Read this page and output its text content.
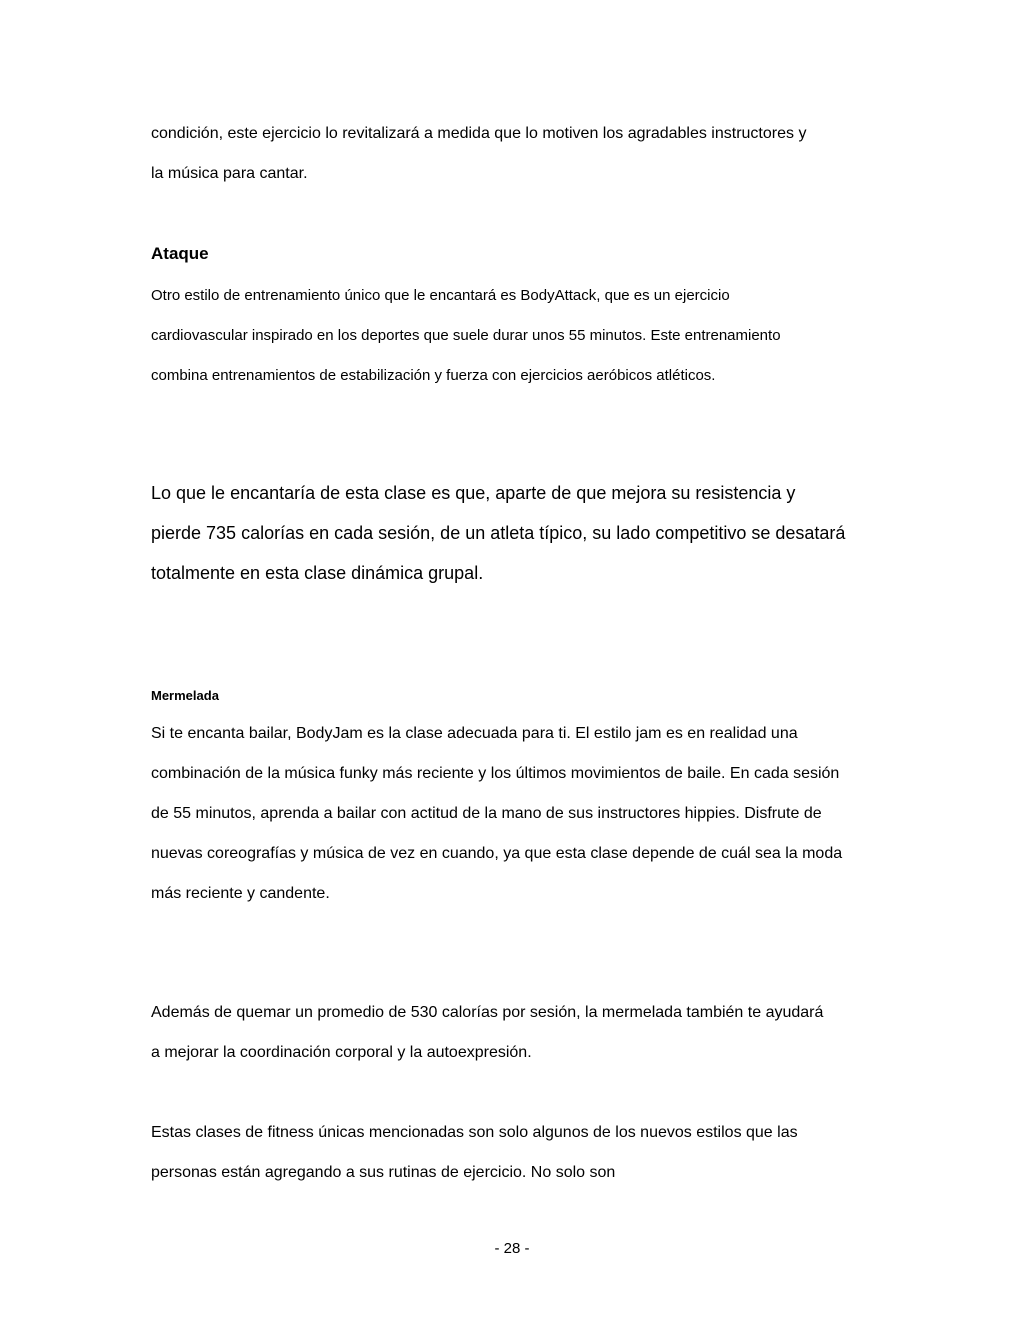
condición, este ejercicio lo revitalizará a medida que lo motiven los agradables instructores y

la música para cantar.

Ataque

Otro estilo de entrenamiento único que le encantará es BodyAttack, que es un ejercicio

cardiovascular inspirado en los deportes que suele durar unos 55 minutos. Este entrenamiento

combina entrenamientos de estabilización y fuerza con ejercicios aeróbicos atléticos.

Lo que le encantaría de esta clase es que, aparte de que mejora su resistencia y

pierde 735 calorías en cada sesión, de un atleta típico, su lado competitivo se desatará

totalmente en esta clase dinámica grupal.

Mermelada

Si te encanta bailar, BodyJam es la clase adecuada para ti. El estilo jam es en realidad una

combinación de la música funky más reciente y los últimos movimientos de baile. En cada sesión

de 55 minutos, aprenda a bailar con actitud de la mano de sus instructores hippies. Disfrute de

nuevas coreografías y música de vez en cuando, ya que esta clase depende de cuál sea la moda

más reciente y candente.

Además de quemar un promedio de 530 calorías por sesión, la mermelada también te ayudará

a mejorar la coordinación corporal y la autoexpresión.

Estas clases de fitness únicas mencionadas son solo algunos de los nuevos estilos que las

personas están agregando a sus rutinas de ejercicio. No solo son

- 28 -
